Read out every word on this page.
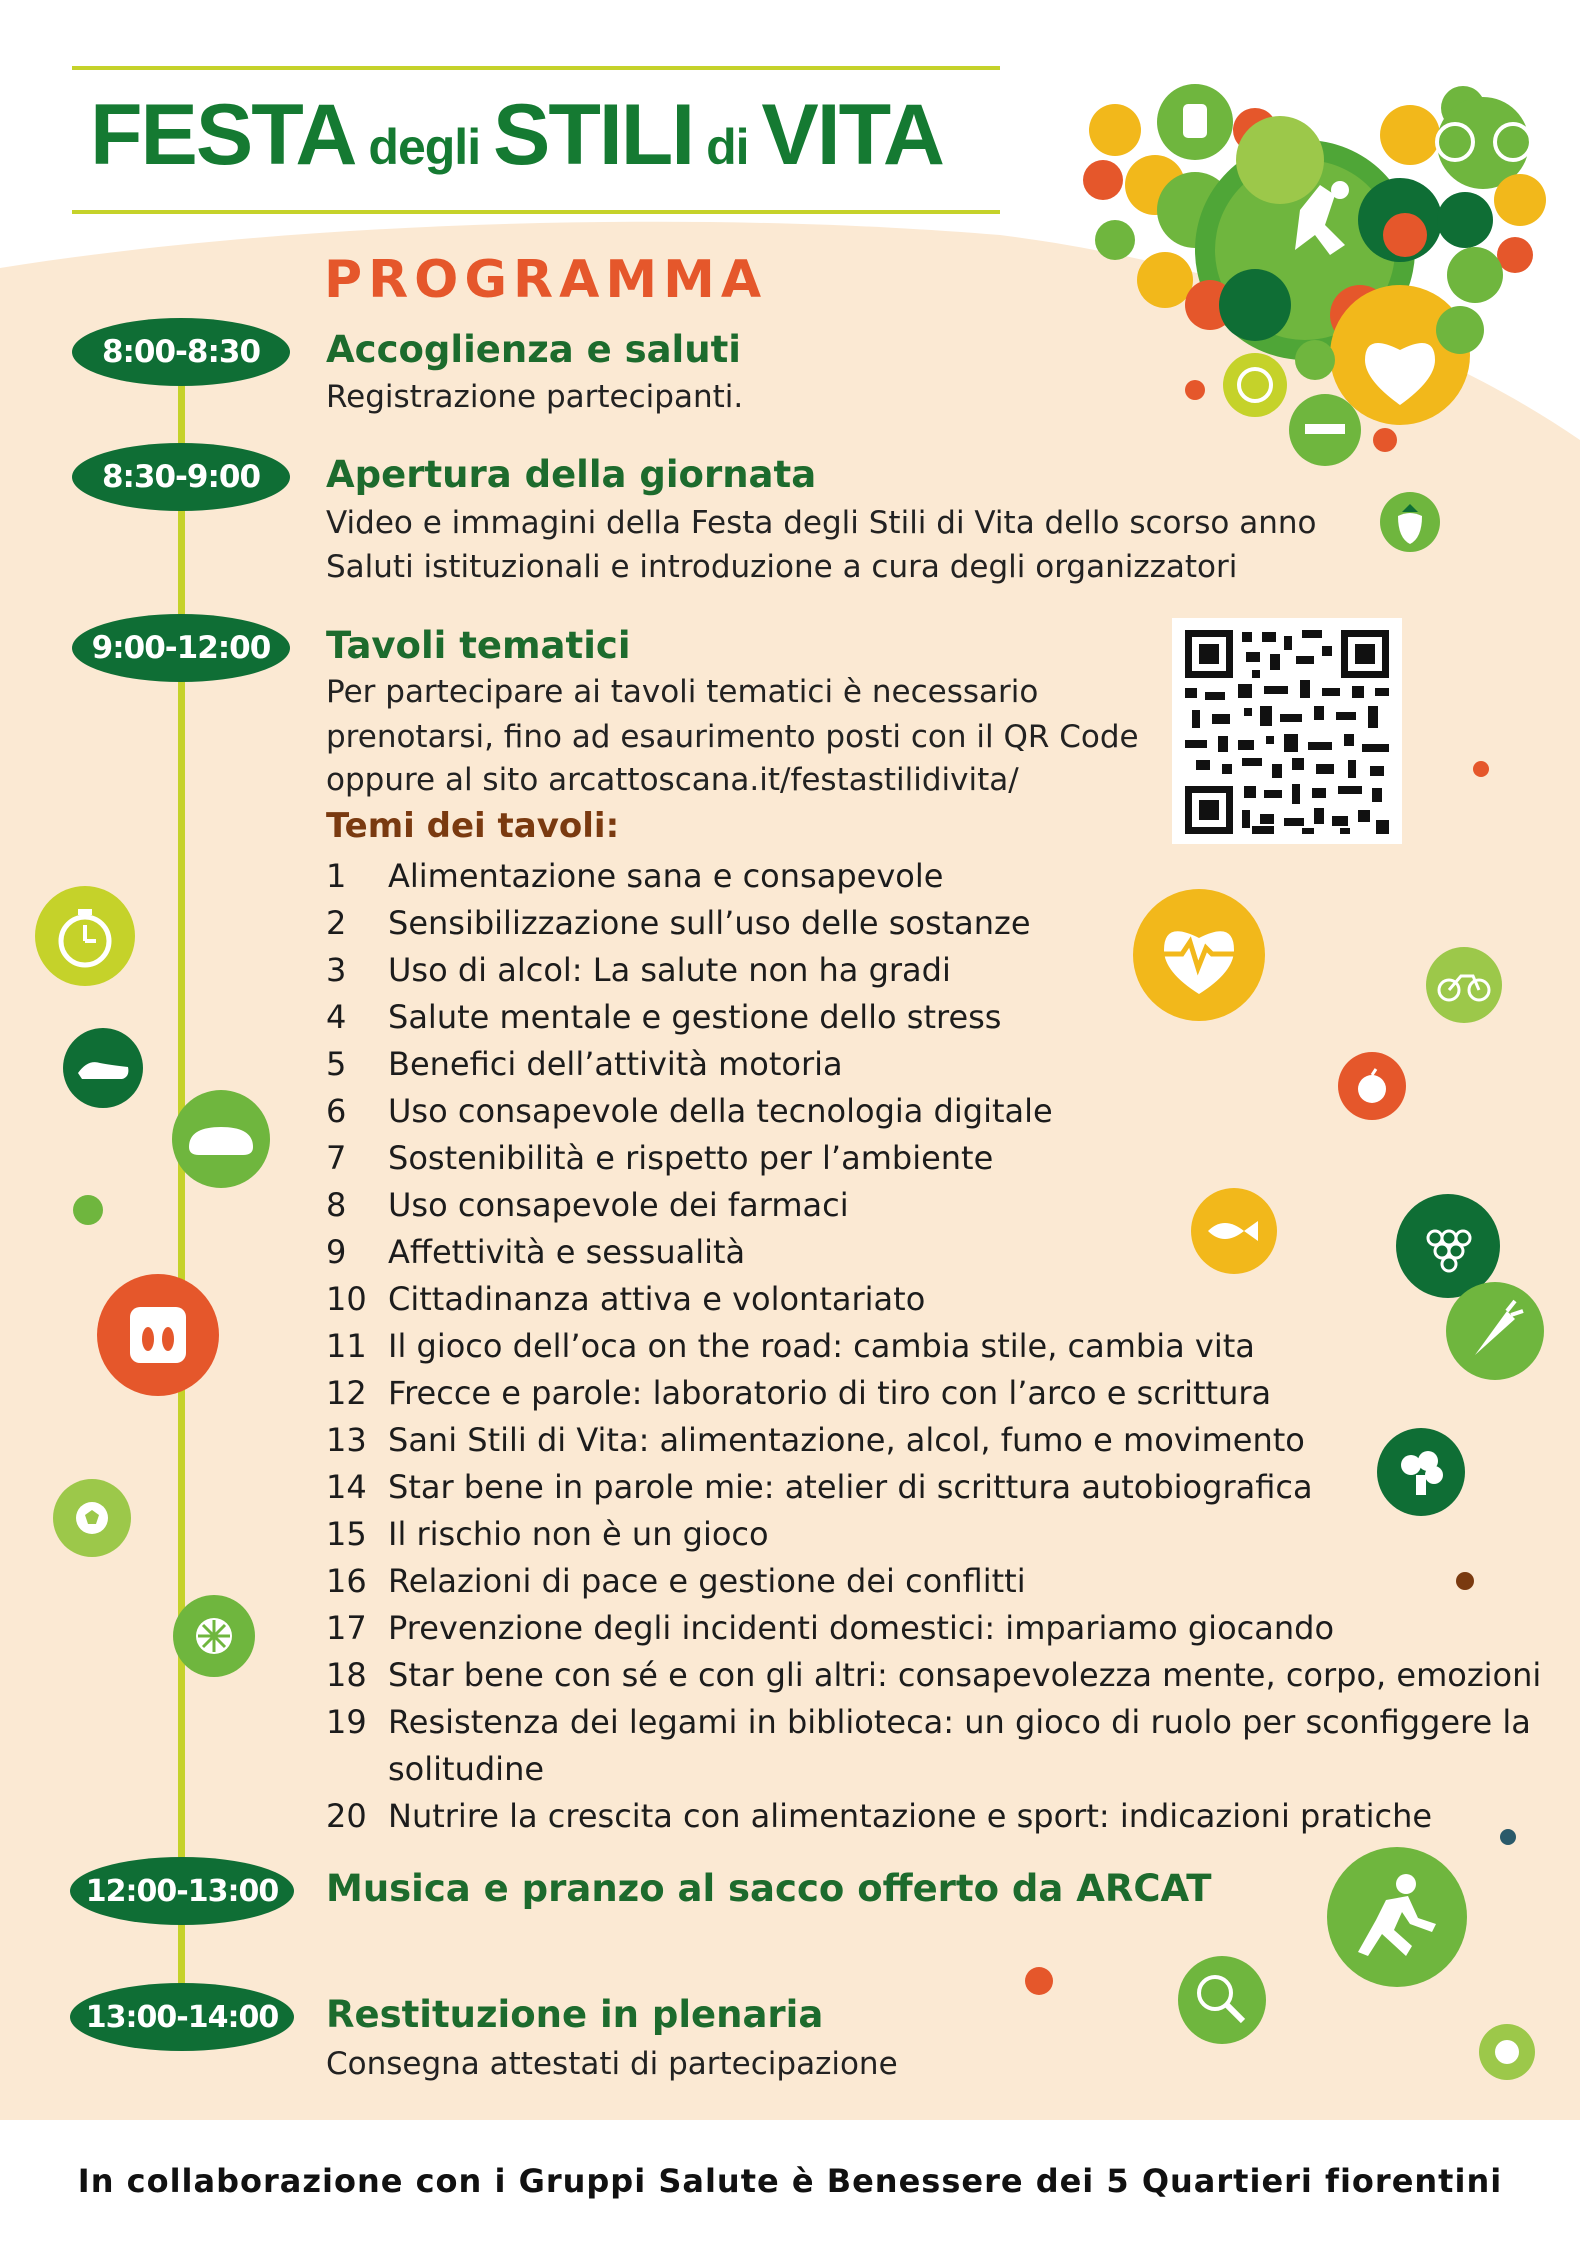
FESTA degli STILI di VITA
PROGRAMMA
8:00-8:30	Accoglienza e saluti
Registrazione partecipanti.
8:30-9:00	Apertura della giornata
Video e immagini della Festa degli Stili di Vita dello scorso anno
Saluti istituzionali e introduzione a cura degli organizzatori
9:00-12:00	Tavoli tematici
Per partecipare ai tavoli tematici è necessario
prenotarsi, fino ad esaurimento posti con il QR Code
oppure al sito arcattoscana.it/festastilidivita/
Temi dei tavoli:
1	Alimentazione sana e consapevole
2	Sensibilizzazione sull’uso delle sostanze
3	Uso di alcol: La salute non ha gradi
4	Salute mentale e gestione dello stress
5	Benefici dell’attività motoria
6	Uso consapevole della tecnologia digitale
7	Sostenibilità e rispetto per l’ambiente
8	Uso consapevole dei farmaci
9	Affettività e sessualità
10 Cittadinanza attiva e volontariato
11 Il gioco dell’oca on the road: cambia stile, cambia vita
12 Frecce e parole: laboratorio di tiro con l’arco e scrittura
13 Sani Stili di Vita: alimentazione, alcol, fumo e movimento
14 Star bene in parole mie: atelier di scrittura autobiografica
15 Il rischio non è un gioco
16 Relazioni di pace e gestione dei conflitti
17 Prevenzione degli incidenti domestici: impariamo giocando
18 Star bene con sé e con gli altri: consapevolezza mente, corpo, emozioni
19 Resistenza dei legami in biblioteca: un gioco di ruolo per sconfiggere la solitudine
20 Nutrire la crescita con alimentazione e sport: indicazioni pratiche
12:00-13:00	Musica e pranzo al sacco offerto da ARCAT
13:00-14:00	Restituzione in plenaria
Consegna attestati di partecipazione
In collaborazione con i Gruppi Salute è Benessere dei 5 Quartieri fiorentini
